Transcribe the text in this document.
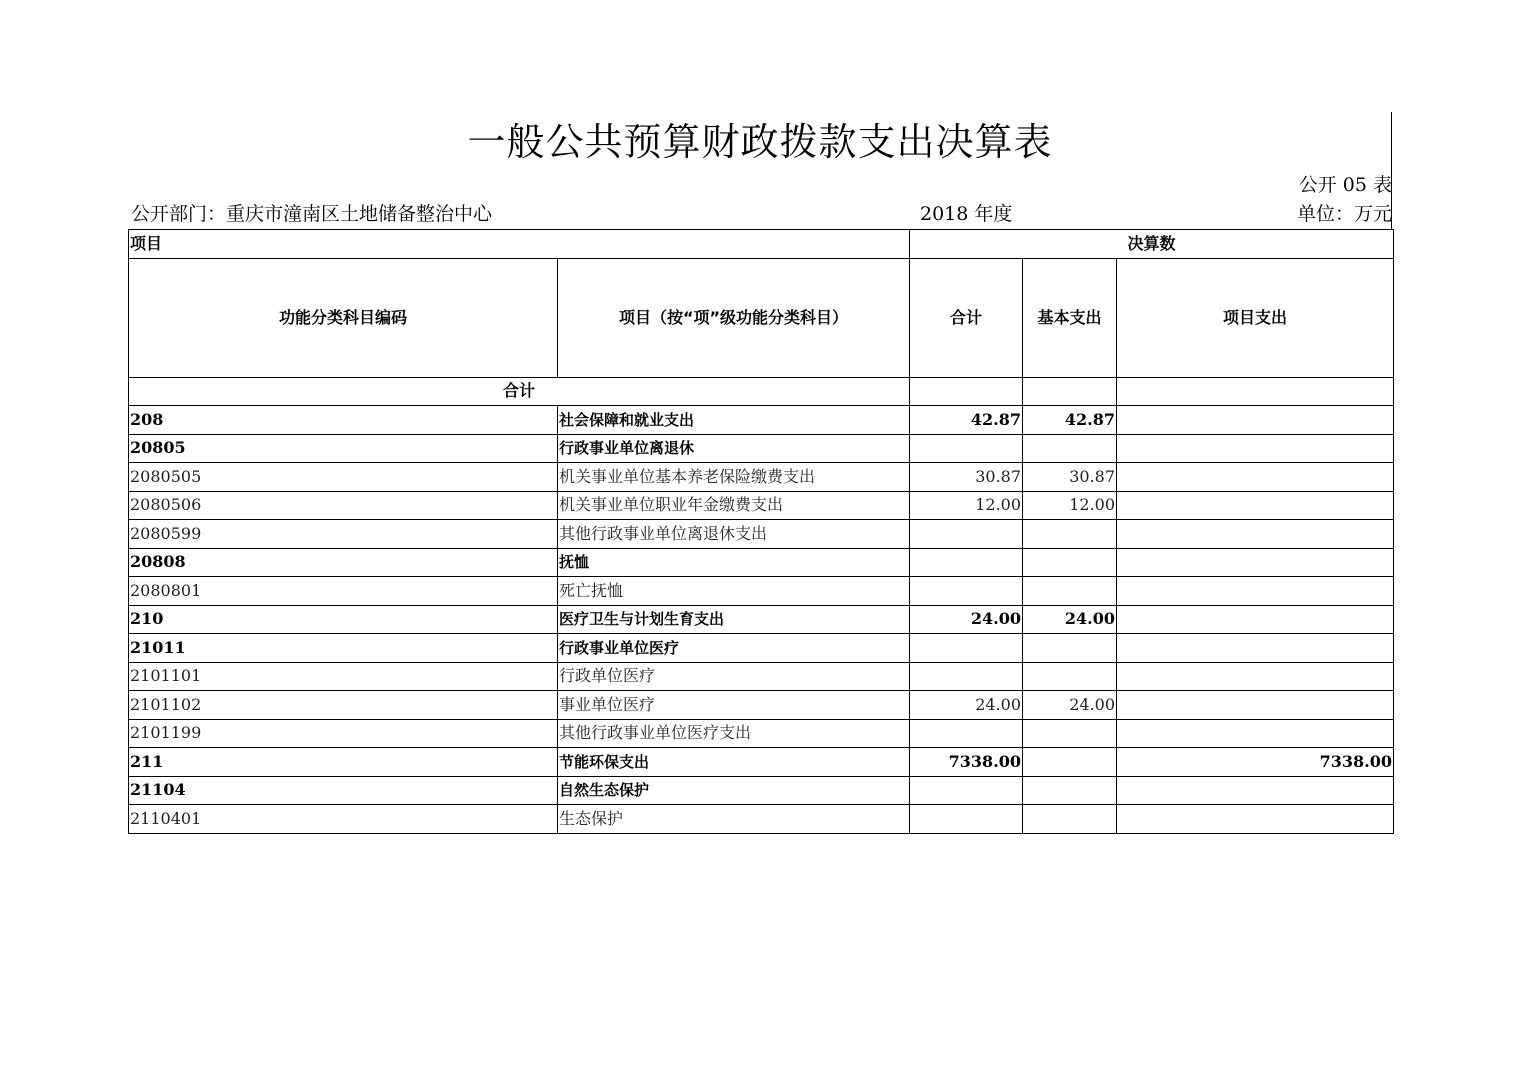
一般公共预算财政拨款支出决算表
公开 05 表
公开部门：重庆市潼南区土地储备整治中心	2018 年度	单位：万元
项目		决算数		
功能分类科目编码	项目（按“项”级功能分类科目）	合计	基本支出	项目支出
合计				
208	社会保障和就业支出	42.87	42.87	
20805	行政事业单位离退休			
2080505	机关事业单位基本养老保险缴费支出	30.87	30.87	
2080506	机关事业单位职业年金缴费支出	12.00	12.00	
2080599	其他行政事业单位离退休支出			
20808	抚恤			
2080801	死亡抚恤			
210	医疗卫生与计划生育支出	24.00	24.00	
21011	行政事业单位医疗			
2101101	行政单位医疗			
2101102	事业单位医疗	24.00	24.00	
2101199	其他行政事业单位医疗支出			
211	节能环保支出	7338.00		7338.00
21104	自然生态保护			
2110401	生态保护			
